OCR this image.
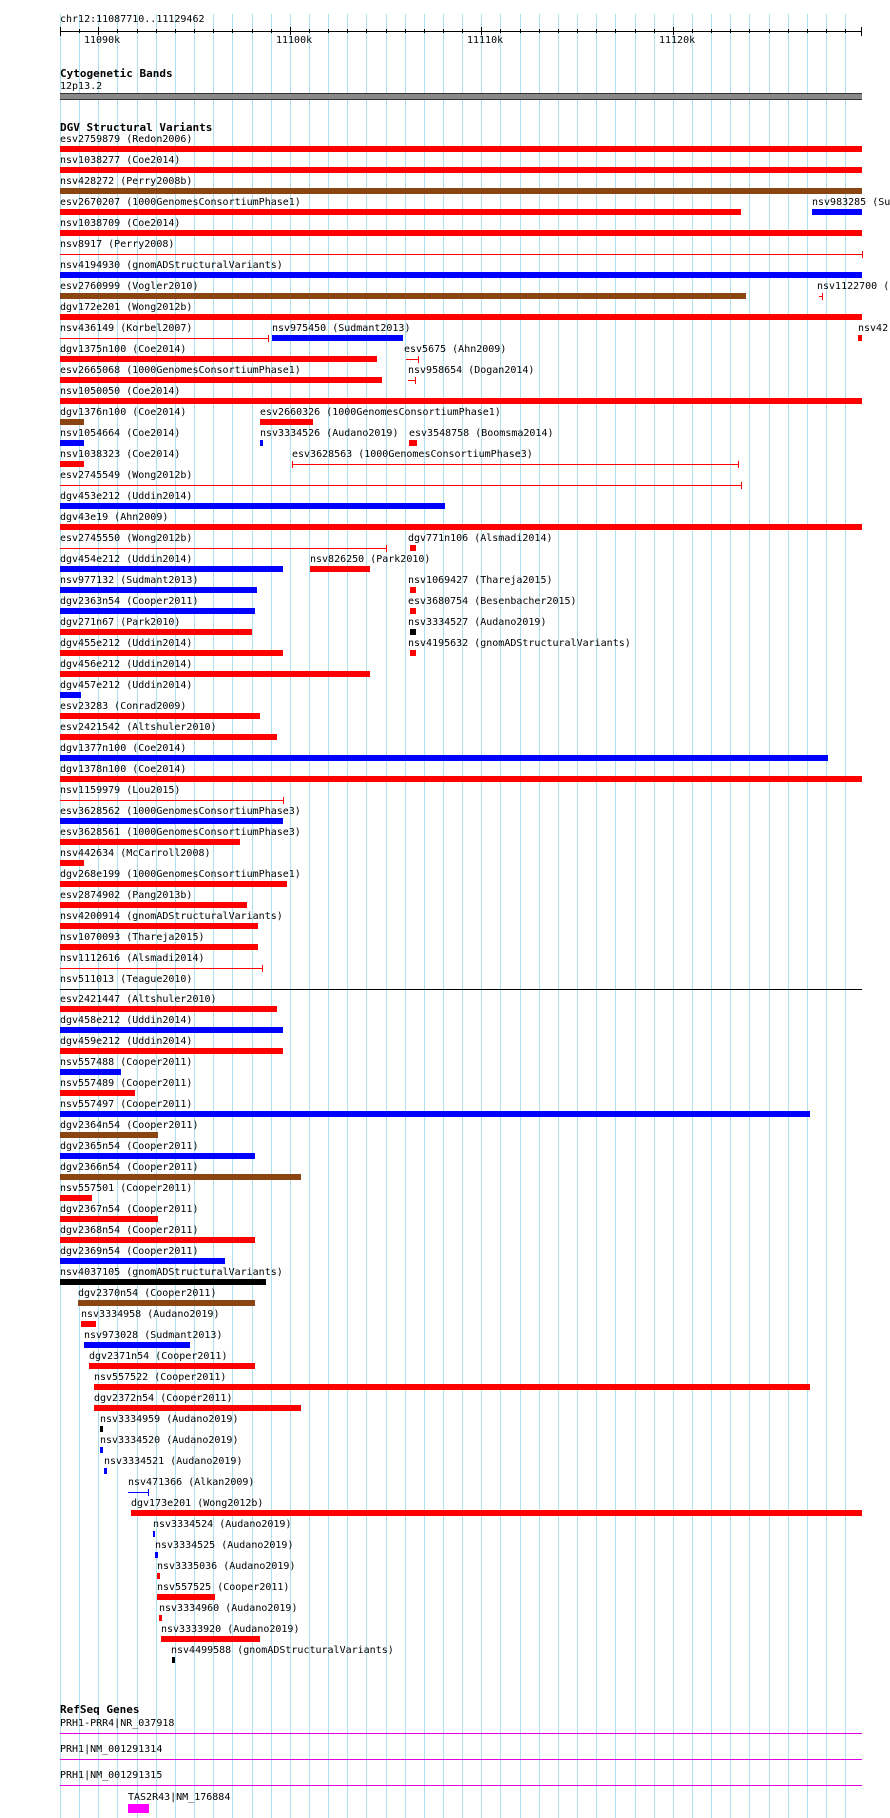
chr12:11087710..11129462
11090k	11100k	11110k	11120k
Cytogenetic Bands
12p13.2
DGV Structural Variants
esv2759879 (Redon2006)
nsv1038277 (Coe2014)
nsv428272 (Perry2008b)
esv2670207 (1000GenomesConsortiumPhase1)	nsv983285 (Su
nsv1038709 (Coe2014)
nsv8917 (Perry2008)
nsv4194930 (gnomADStructuralVariants)
esv2760999 (Vogler2010)	nsv1122700 (
dgv172e201 (Wong2012b)
nsv436149 (Korbel2007)	nsv975450 (Sudmant2013)	nsv42
dgv1375n100 (Coe2014)	esv5675 (Ahn2009)
esv2665068 (1000GenomesConsortiumPhase1)	nsv958654 (Dogan2014)
nsv1050050 (Coe2014)
dgv1376n100 (Coe2014)	esv2660326 (1000GenomesConsortiumPhase1)
nsv1054664 (Coe2014)	nsv3334526 (Audano2019) esv3548758 (Boomsma2014)
nsv1038323 (Coe2014)	esv3628563 (1000GenomesConsortiumPhase3)
esv2745549 (Wong2012b)
dgv453e212 (Uddin2014)
dgv43e19 (Ahn2009)
esv2745550 (Wong2012b)	dgv771n106 (Alsmadi2014)
dgv454e212 (Uddin2014)	nsv826250 (Park2010)
nsv977132 (Sudmant2013)	nsv1069427 (Thareja2015)
dgv2363n54 (Cooper2011)	esv3680754 (Besenbacher2015)
dgv271n67 (Park2010)	nsv3334527 (Audano2019)
dgv455e212 (Uddin2014)	nsv4195632 (gnomADStructuralVariants)
dgv456e212 (Uddin2014)
dgv457e212 (Uddin2014)
esv23283 (Conrad2009)
esv2421542 (Altshuler2010)
dgv1377n100 (Coe2014)
dgv1378n100 (Coe2014)
nsv1159979 (Lou2015)
esv3628562 (1000GenomesConsortiumPhase3)
esv3628561 (1000GenomesConsortiumPhase3)
nsv442634 (McCarroll2008)
dgv268e199 (1000GenomesConsortiumPhase1)
esv2874902 (Pang2013b)
nsv4200914 (gnomADStructuralVariants)
nsv1070093 (Thareja2015)
nsv1112616 (Alsmadi2014)
nsv511013 (Teague2010)
esv2421447 (Altshuler2010)
dgv458e212 (Uddin2014)
dgv459e212 (Uddin2014)
nsv557488 (Cooper2011)
nsv557489 (Cooper2011)
nsv557497 (Cooper2011)
dgv2364n54 (Cooper2011)
dgv2365n54 (Cooper2011)
dgv2366n54 (Cooper2011)
nsv557501 (Cooper2011)
dgv2367n54 (Cooper2011)
dgv2368n54 (Cooper2011)
dgv2369n54 (Cooper2011)
nsv4037105 (gnomADStructuralVariants)
dgv2370n54 (Cooper2011)
nsv3334958 (Audano2019)
nsv973028 (Sudmant2013)
dgv2371n54 (Cooper2011)
nsv557522 (Cooper2011)
dgv2372n54 (Cooper2011)
nsv3334959 (Audano2019)
nsv3334520 (Audano2019)
nsv3334521 (Audano2019)
nsv471366 (Alkan2009)
dgv173e201 (Wong2012b)
nsv3334524 (Audano2019)
nsv3334525 (Audano2019)
nsv3335036 (Audano2019)
nsv557525 (Cooper2011)
nsv3334960 (Audano2019)
nsv3333920 (Audano2019)
nsv4499588 (gnomADStructuralVariants)
RefSeq Genes
PRH1-PRR4|NR_037918
PRH1|NM_001291314
PRH1|NM_001291315
TAS2R43|NM_176884
